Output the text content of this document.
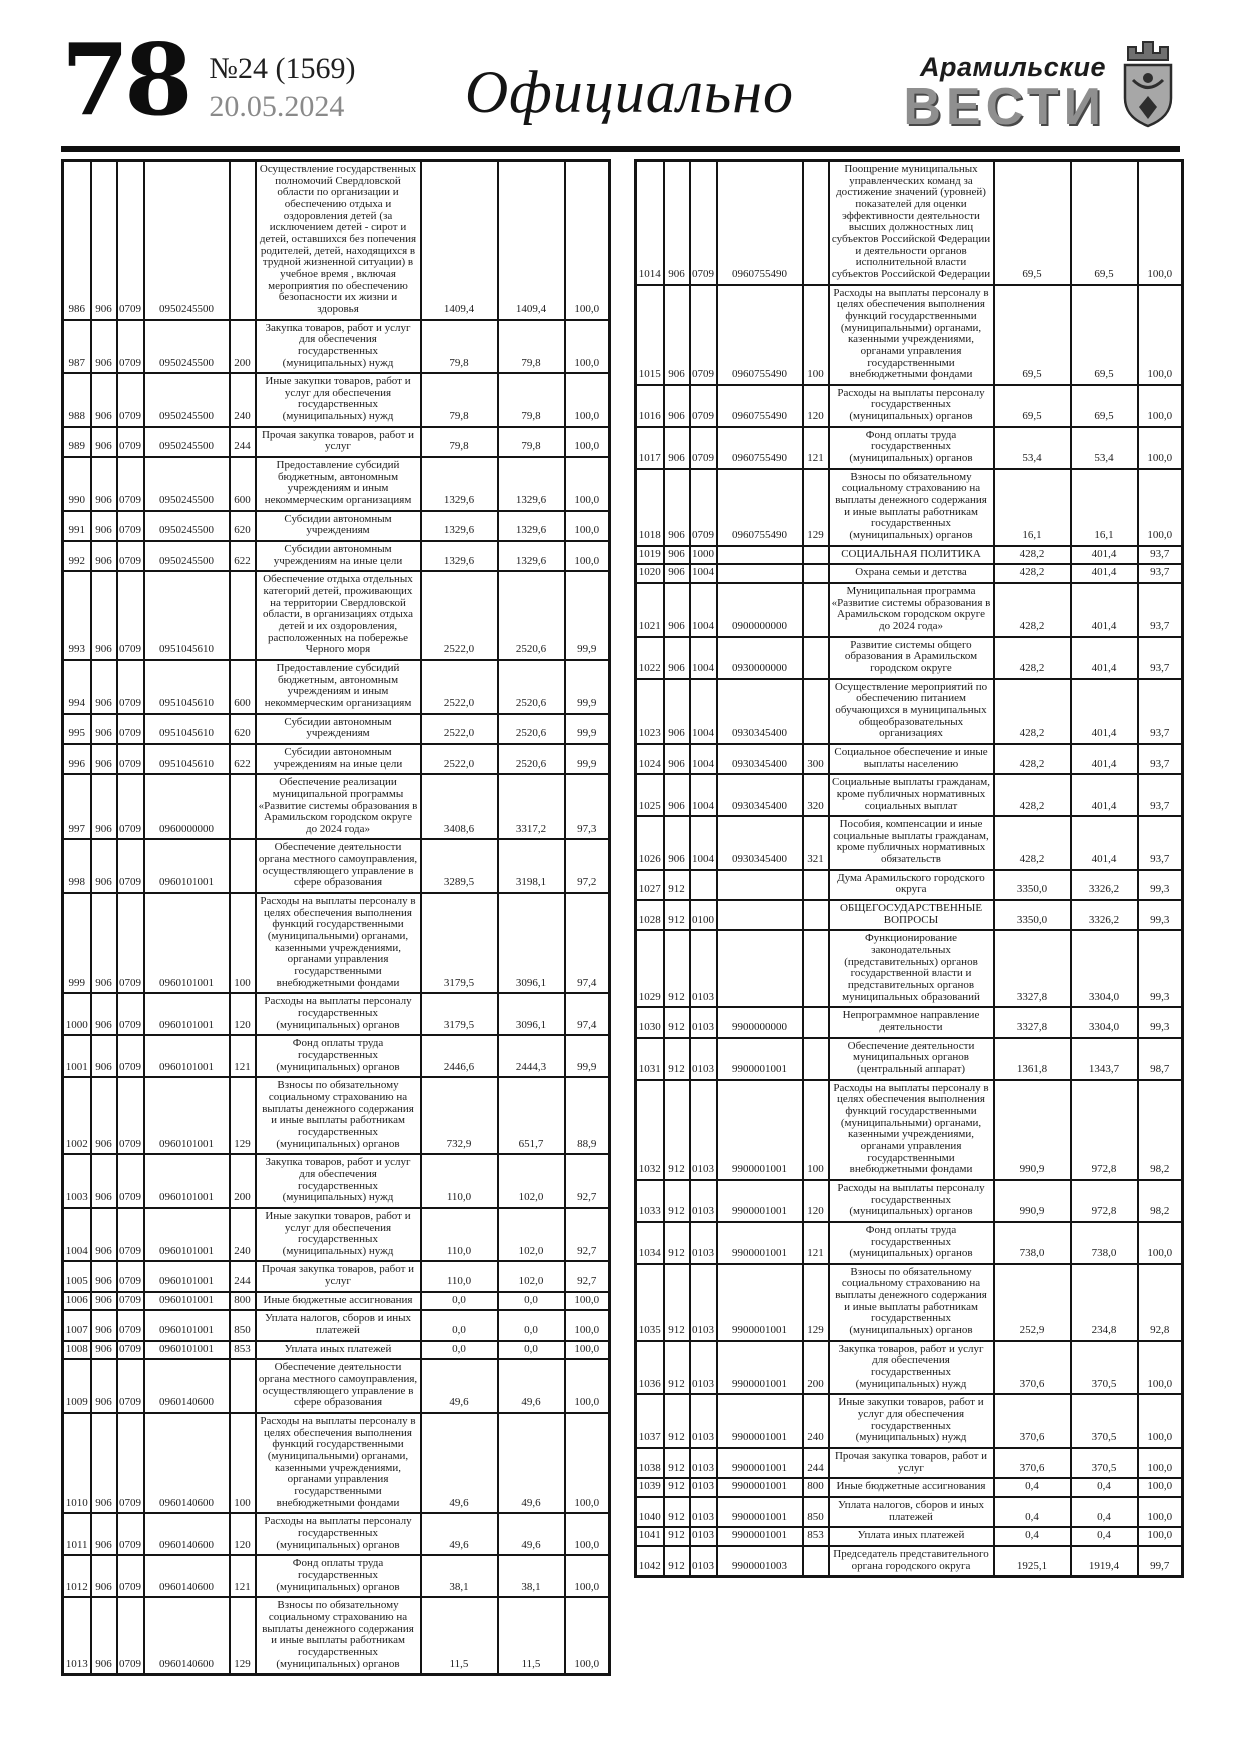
78 №24 (1569)
20.05.2024	Официально	Арамильские
ВЕСТИ
986	906	0709	0950245500		Осуществление государственных полномочий Свердловской области по организации и обеспечению отдыха и оздоровления детей (за исключением детей - сирот и детей, оставшихся без попечения родителей, детей, находящихся в трудной жизненной ситуации) в учебное время , включая мероприятия по обеспечению безопасности их жизни и здоровья	1409,4	1409,4	100,0
987	906	0709	0950245500	200	Закупка товаров, работ и услуг для обеспечения государственных (муниципальных) нужд	79,8	79,8	100,0
988	906	0709	0950245500	240	Иные закупки товаров, работ и услуг для обеспечения государственных (муниципальных) нужд	79,8	79,8	100,0
989	906	0709	0950245500	244	Прочая закупка товаров, работ и услуг	79,8	79,8	100,0
990	906	0709	0950245500	600	Предоставление субсидий бюджетным, автономным учреждениям и иным некоммерческим организациям	1329,6	1329,6	100,0
991	906	0709	0950245500	620	Субсидии автономным учреждениям	1329,6	1329,6	100,0
992	906	0709	0950245500	622	Субсидии автономным учреждениям на иные цели	1329,6	1329,6	100,0
993	906	0709	0951045610		Обеспечение отдыха отдельных категорий детей, проживающих на территории Свердловской области, в организациях отдыха детей и их оздоровления, расположенных на побережье Черного моря	2522,0	2520,6	99,9
994	906	0709	0951045610	600	Предоставление субсидий бюджетным, автономным учреждениям и иным некоммерческим организациям	2522,0	2520,6	99,9
995	906	0709	0951045610	620	Субсидии автономным учреждениям	2522,0	2520,6	99,9
996	906	0709	0951045610	622	Субсидии автономным учреждениям на иные цели	2522,0	2520,6	99,9
997	906	0709	0960000000		Обеспечение реализации муниципальной программы «Развитие системы образования в Арамильском городском округе до 2024 года»	3408,6	3317,2	97,3
998	906	0709	0960101001		Обеспечение деятельности органа местного самоуправления, осуществляющего управление в сфере образования	3289,5	3198,1	97,2
999	906	0709	0960101001	100	Расходы на выплаты персоналу в целях обеспечения выполнения функций государственными (муниципальными) органами, казенными учреждениями, органами управления государственными внебюджетными фондами	3179,5	3096,1	97,4
1000	906	0709	0960101001	120	Расходы на выплаты персоналу государственных (муниципальных) органов	3179,5	3096,1	97,4
1001	906	0709	0960101001	121	Фонд оплаты труда государственных (муниципальных) органов	2446,6	2444,3	99,9
1002	906	0709	0960101001	129	Взносы по обязательному социальному страхованию на выплаты денежного содержания и иные выплаты работникам государственных (муниципальных) органов	732,9	651,7	88,9
1003	906	0709	0960101001	200	Закупка товаров, работ и услуг для обеспечения государственных (муниципальных) нужд	110,0	102,0	92,7
1004	906	0709	0960101001	240	Иные закупки товаров, работ и услуг для обеспечения государственных (муниципальных) нужд	110,0	102,0	92,7
1005	906	0709	0960101001	244	Прочая закупка товаров, работ и услуг	110,0	102,0	92,7
1006	906	0709	0960101001	800	Иные бюджетные ассигнования	0,0	0,0	100,0
1007	906	0709	0960101001	850	Уплата налогов, сборов и иных платежей	0,0	0,0	100,0
1008	906	0709	0960101001	853	Уплата иных платежей	0,0	0,0	100,0
1009	906	0709	0960140600		Обеспечение деятельности органа местного самоуправления, осуществляющего управление в сфере образования	49,6	49,6	100,0
1010	906	0709	0960140600	100	Расходы на выплаты персоналу в целях обеспечения выполнения функций государственными (муниципальными) органами, казенными учреждениями, органами управления государственными внебюджетными фондами	49,6	49,6	100,0
1011	906	0709	0960140600	120	Расходы на выплаты персоналу государственных (муниципальных) органов	49,6	49,6	100,0
1012	906	0709	0960140600	121	Фонд оплаты труда государственных (муниципальных) органов	38,1	38,1	100,0
1013	906	0709	0960140600	129	Взносы по обязательному социальному страхованию на выплаты денежного содержания и иные выплаты работникам государственных (муниципальных) органов	11,5	11,5	100,0
1014	906	0709	0960755490		Поощрение муниципальных управленческих команд за достижение значений (уровней) показателей для оценки эффективности деятельности высших должностных лиц субъектов Российской Федерации и деятельности органов исполнительной власти субъектов Российской Федерации	69,5	69,5	100,0
1015	906	0709	0960755490	100	Расходы на выплаты персоналу в целях обеспечения выполнения функций государственными (муниципальными) органами, казенными учреждениями, органами управления государственными внебюджетными фондами	69,5	69,5	100,0
1016	906	0709	0960755490	120	Расходы на выплаты персоналу государственных (муниципальных) органов	69,5	69,5	100,0
1017	906	0709	0960755490	121	Фонд оплаты труда государственных (муниципальных) органов	53,4	53,4	100,0
1018	906	0709	0960755490	129	Взносы по обязательному социальному страхованию на выплаты денежного содержания и иные выплаты работникам государственных (муниципальных) органов	16,1	16,1	100,0
1019	906	1000			СОЦИАЛЬНАЯ ПОЛИТИКА	428,2	401,4	93,7
1020	906	1004			Охрана семьи и детства	428,2	401,4	93,7
1021	906	1004	0900000000		Муниципальная программа «Развитие системы образования в Арамильском городском округе до 2024 года»	428,2	401,4	93,7
1022	906	1004	0930000000		Развитие системы общего образования в Арамильском городском округе	428,2	401,4	93,7
1023	906	1004	0930345400		Осуществление мероприятий по обеспечению питанием обучающихся в муниципальных общеобразовательных организациях	428,2	401,4	93,7
1024	906	1004	0930345400	300	Социальное обеспечение и иные выплаты населению	428,2	401,4	93,7
1025	906	1004	0930345400	320	Социальные выплаты гражданам, кроме публичных нормативных социальных выплат	428,2	401,4	93,7
1026	906	1004	0930345400	321	Пособия, компенсации и иные социальные выплаты гражданам, кроме публичных нормативных обязательств	428,2	401,4	93,7
1027	912				Дума Арамильского городского округа	3350,0	3326,2	99,3
1028	912	0100			ОБЩЕГОСУДАРСТВЕННЫЕ ВОПРОСЫ	3350,0	3326,2	99,3
1029	912	0103			Функционирование законодательных (представительных) органов государственной власти и представительных органов муниципальных образований	3327,8	3304,0	99,3
1030	912	0103	9900000000		Непрограммное направление деятельности	3327,8	3304,0	99,3
1031	912	0103	9900001001		Обеспечение деятельности муниципальных органов (центральный аппарат)	1361,8	1343,7	98,7
1032	912	0103	9900001001	100	Расходы на выплаты персоналу в целях обеспечения выполнения функций государственными (муниципальными) органами, казенными учреждениями, органами управления государственными внебюджетными фондами	990,9	972,8	98,2
1033	912	0103	9900001001	120	Расходы на выплаты персоналу государственных (муниципальных) органов	990,9	972,8	98,2
1034	912	0103	9900001001	121	Фонд оплаты труда государственных (муниципальных) органов	738,0	738,0	100,0
1035	912	0103	9900001001	129	Взносы по обязательному социальному страхованию на выплаты денежного содержания и иные выплаты работникам государственных (муниципальных) органов	252,9	234,8	92,8
1036	912	0103	9900001001	200	Закупка товаров, работ и услуг для обеспечения государственных (муниципальных) нужд	370,6	370,5	100,0
1037	912	0103	9900001001	240	Иные закупки товаров, работ и услуг для обеспечения государственных (муниципальных) нужд	370,6	370,5	100,0
1038	912	0103	9900001001	244	Прочая закупка товаров, работ и услуг	370,6	370,5	100,0
1039	912	0103	9900001001	800	Иные бюджетные ассигнования	0,4	0,4	100,0
1040	912	0103	9900001001	850	Уплата налогов, сборов и иных платежей	0,4	0,4	100,0
1041	912	0103	9900001001	853	Уплата иных платежей	0,4	0,4	100,0
1042	912	0103	9900001003		Председатель представительного органа городского округа	1925,1	1919,4	99,7
